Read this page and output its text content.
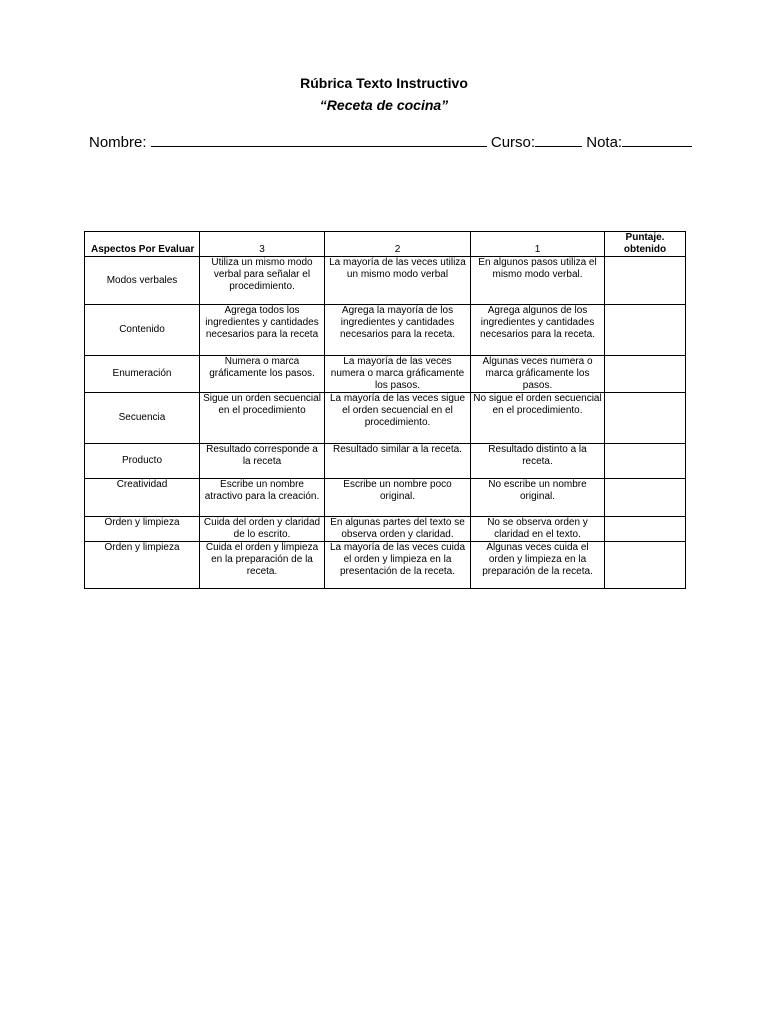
Rúbrica Texto Instructivo
“Receta de cocina”
Nombre:	Curso:	Nota:
Aspectos Por Evaluar	3	2	1	Puntaje. obtenido
Modos verbales	Utiliza un mismo modo verbal para señalar el procedimiento.	La mayoría de las veces utiliza un mismo modo verbal	En algunos pasos utiliza el mismo modo verbal.	
Contenido	Agrega todos los ingredientes y cantidades necesarios para la receta	Agrega la mayoría de los ingredientes y cantidades necesarios para la receta.	Agrega algunos de los ingredientes y cantidades necesarios para la receta.	
Enumeración	Numera o marca gráficamente los pasos.	La mayoría de las veces numera o marca gráficamente los pasos.	Algunas veces numera o marca gráficamente los pasos.	
Secuencia	Sigue un orden secuencial en el procedimiento	La mayoría de las veces sigue el orden secuencial en el procedimiento.	No sigue el orden secuencial en el procedimiento.	
Producto	Resultado corresponde a la receta	Resultado similar a la receta.	Resultado distinto a la receta.	
Creatividad	Escribe un nombre atractivo para la creación.	Escribe un nombre poco original.	No escribe un nombre original.	
Orden y limpieza	Cuida del orden y claridad de lo escrito.	En algunas partes del texto se observa orden y claridad.	No se observa orden y claridad en el texto.	
Orden y limpieza	Cuida el orden y limpieza en la preparación de la receta.	La mayoría de las veces cuida el orden y limpieza en la presentación de la receta.	Algunas veces cuida el orden y limpieza en la preparación de la receta.	
